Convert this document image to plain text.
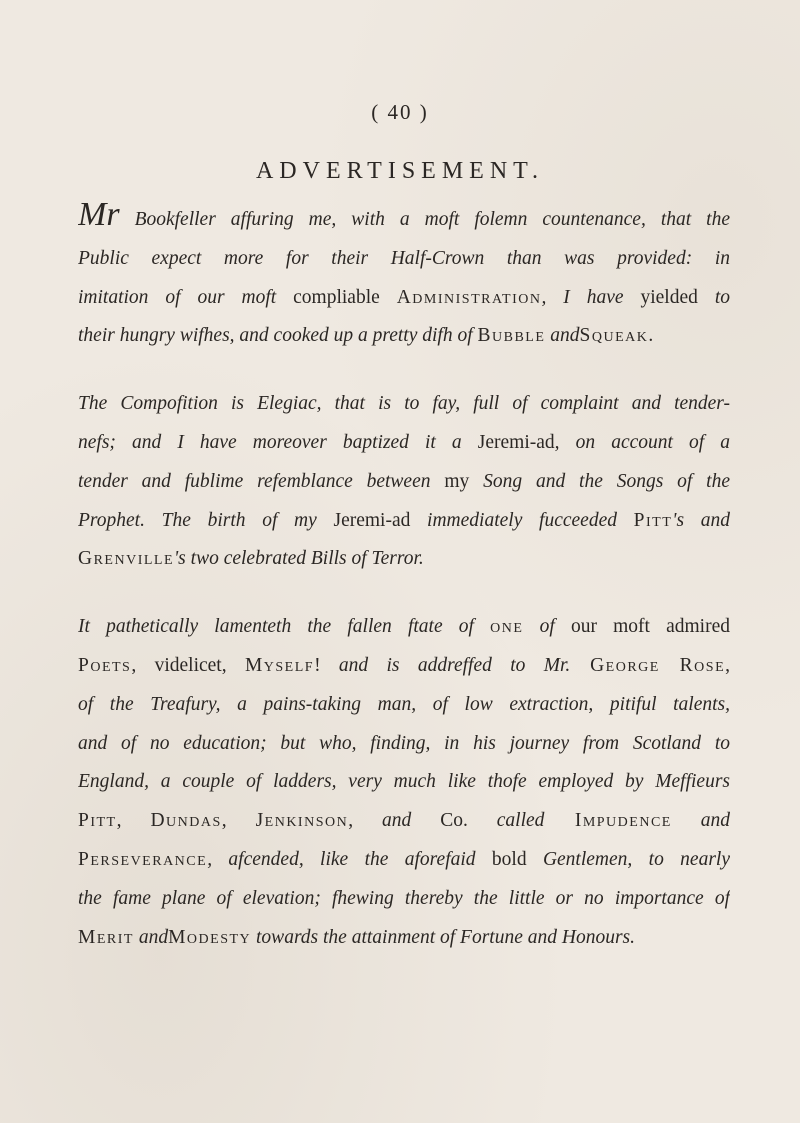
( 40 )
ADVERTISEMENT.
Mr Bookfeller affuring me, with a moft folemn countenance, that the
Public expect more for their Half-Crown than was provided: in
imitation of our moft compliable Administration, I have yielded to
their hungry wifhes, and cooked up a pretty difh of Bubble andSqueak.
The Compofition is Elegiac, that is to fay, full of complaint and tender-
nefs; and I have moreover baptized it a Jeremi-ad, on account of a
tender and fublime refemblance between my Song and the Songs of the
Prophet. The birth of my Jeremi-ad immediately fucceeded Pitt's and
Grenville's two celebrated Bills of Terror.
It pathetically lamenteth the fallen ftate of one of our moft admired
Poets, videlicet, Myself! and is addreffed to Mr. George Rose,
of the Treafury, a pains-taking man, of low extraction, pitiful talents,
and of no education; but who, finding, in his journey from Scotland to
England, a couple of ladders, very much like thofe employed by Meffieurs
Pitt, Dundas, Jenkinson, and Co. called Impudence and
Perseverance, afcended, like the aforefaid bold Gentlemen, to nearly
the fame plane of elevation; fhewing thereby the little or no importance of
Merit andModesty towards the attainment of Fortune and Honours.
